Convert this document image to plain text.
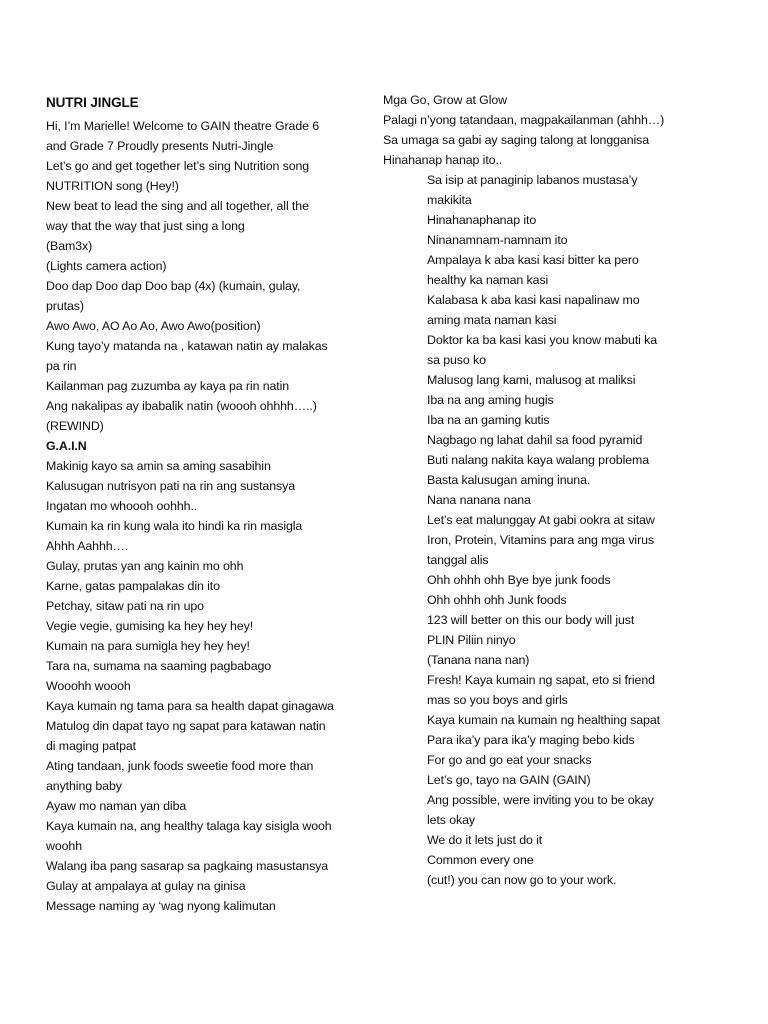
NUTRI JINGLE

Hi, I’m Marielle! Welcome to GAIN theatre Grade 6

and Grade 7 Proudly presents Nutri-Jingle

Let’s go and get together let’s sing Nutrition song

NUTRITION song (Hey!)

New beat to lead the sing and all together, all the

way that the way that just sing a long

(Bam3x)

(Lights camera action)

Doo dap Doo dap Doo bap (4x) (kumain, gulay,

prutas)

Awo Awo, AO Ao Ao, Awo Awo(position)

Kung tayo’y matanda na , katawan natin ay malakas

pa rin

Kailanman pag zuzumba ay kaya pa rin natin

Ang nakalipas ay ibabalik natin (woooh ohhhh…..)

(REWIND)

G.A.I.N

Makinig kayo sa amin sa aming sasabihin

Kalusugan nutrisyon pati na rin ang sustansya

Ingatan mo whoooh oohhh..

Kumain ka rin kung wala ito hindi ka rin masigla

Ahhh Aahhh….

Gulay, prutas yan ang kainin mo ohh

Karne, gatas pampalakas din ito

Petchay, sitaw pati na rin upo

Vegie vegie, gumising ka hey hey hey!

Kumain na para sumigla hey hey hey!

Tara na, sumama na saaming pagbabago

Wooohh woooh

Kaya kumain ng tama para sa health dapat ginagawa

Matulog din dapat tayo ng sapat para katawan natin

di maging patpat

Ating tandaan, junk foods sweetie food more than

anything baby

Ayaw mo naman yan diba

Kaya kumain na, ang healthy talaga kay sisigla wooh

woohh

Walang iba pang sasarap sa pagkaing masustansya

Gulay at ampalaya at gulay na ginisa

Message naming ay ‘wag nyong kalimutan

Mga Go, Grow at Glow

Palagi n’yong tatandaan, magpakailanman (ahhh…)

Sa umaga sa gabi ay saging talong at longganisa

Hinahanap hanap ito..

Sa isip at panaginip labanos mustasa’y

makikita

Hinahanaphanap ito

Ninanamnam-namnam ito

Ampalaya k aba kasi kasi bitter ka pero

healthy ka naman kasi

Kalabasa k aba kasi kasi napalinaw mo

aming mata naman kasi

Doktor ka ba kasi kasi you know mabuti ka

sa puso ko

Malusog lang kami, malusog at maliksi

Iba na ang aming hugis

Iba na an gaming kutis

Nagbago ng lahat dahil sa food pyramid

Buti nalang nakita kaya walang problema

Basta kalusugan aming inuna.

Nana nanana nana

Let’s eat malunggay At gabi ookra at sitaw

Iron, Protein, Vitamins para ang mga virus

tanggal alis

Ohh ohhh ohh Bye bye junk foods

Ohh ohhh ohh Junk foods

123 will better on this our body will just

PLIN Piliin ninyo

(Tanana nana nan)

Fresh! Kaya kumain ng sapat, eto si friend

mas so you boys and girls

Kaya kumain na kumain ng healthing sapat

Para ika’y para ika’y maging bebo kids

For go and go eat your snacks

Let’s go, tayo na GAIN (GAIN)

Ang possible, were inviting you to be okay

lets okay

We do it lets just do it

Common every one

(cut!) you can now go to your work.
